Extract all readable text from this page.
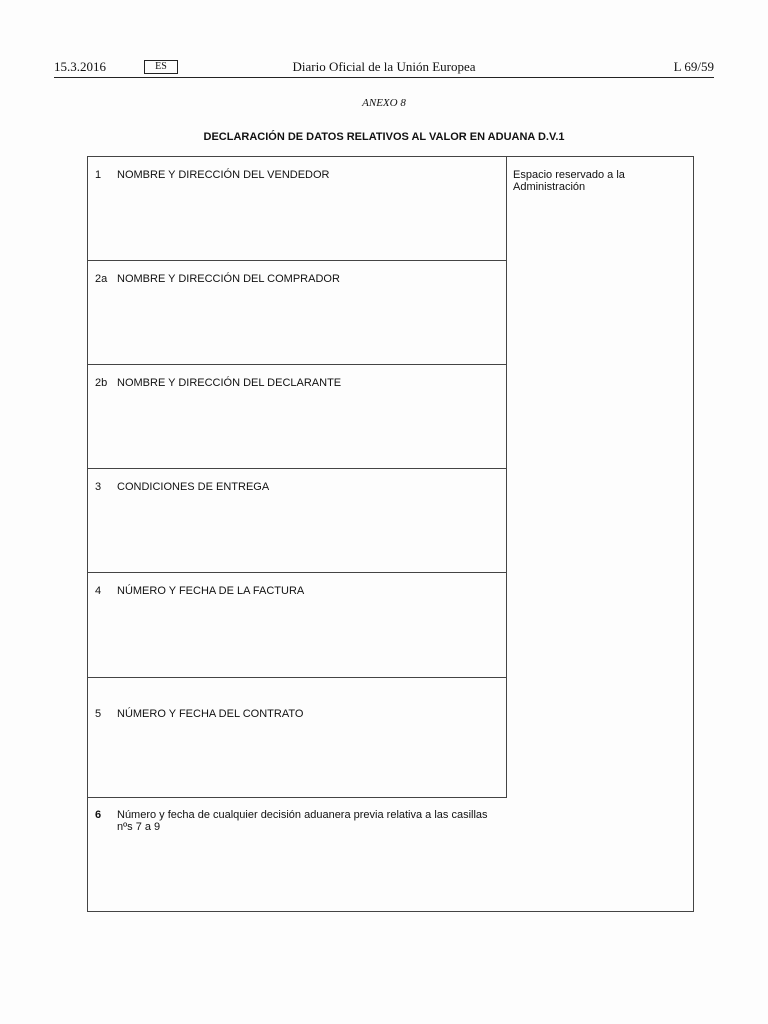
15.3.2016	ES	Diario Oficial de la Unión Europea	L 69/59
ANEXO 8
DECLARACIÓN DE DATOS RELATIVOS AL VALOR EN ADUANA D.V.1
1 NOMBRE Y DIRECCIÓN DEL VENDEDOR
2a NOMBRE Y DIRECCIÓN DEL COMPRADOR
2b NOMBRE Y DIRECCIÓN DEL DECLARANTE
3 CONDICIONES DE ENTREGA
4 NÚMERO Y FECHA DE LA FACTURA
5 NÚMERO Y FECHA DEL CONTRATO
Espacio reservado a la Administración
6 Número y fecha de cualquier decisión aduanera previa relativa a las casillas nºs 7 a 9
